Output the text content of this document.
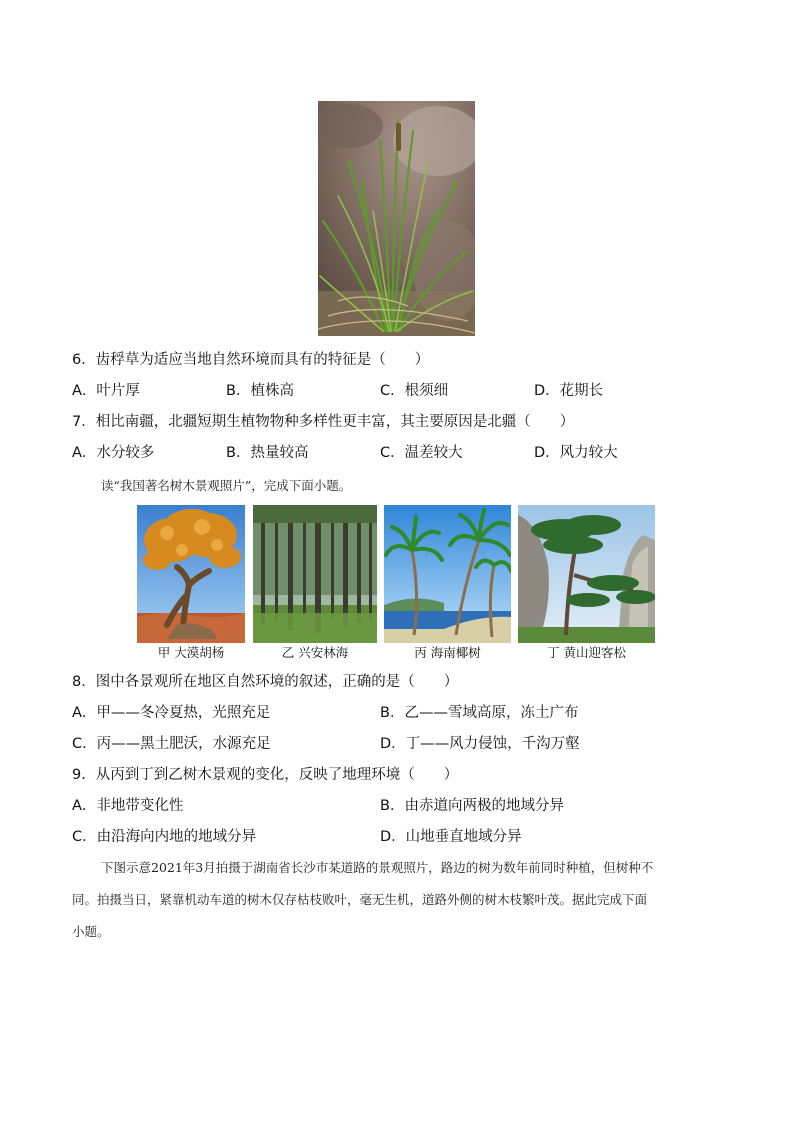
6．齿稃草为适应当地自然环境而具有的特征是（　　）
A．叶片厚	B．植株高	C．根须细	D．花期长
7．相比南疆，北疆短期生植物物种多样性更丰富，其主要原因是北疆（　　）
A．水分较多	B．热量较高	C．温差较大	D．风力较大
读“我国著名树木景观照片”，完成下面小题。
甲 大漠胡杨	乙 兴安林海	丙 海南椰树	丁 黄山迎客松
8．图中各景观所在地区自然环境的叙述，正确的是（　　）
A．甲——冬冷夏热，光照充足	B．乙——雪域高原，冻土广布
C．丙——黑土肥沃，水源充足	D．丁——风力侵蚀，千沟万壑
9．从丙到丁到乙树木景观的变化，反映了地理环境（　　）
A．非地带变化性	B．由赤道向两极的地域分异
C．由沿海向内地的地域分异	D．山地垂直地域分异
下图示意2021年3月拍摄于湖南省长沙市某道路的景观照片，路边的树为数年前同时种植，但树种不
同。拍摄当日，紧靠机动车道的树木仅存枯枝败叶，毫无生机，道路外侧的树木枝繁叶茂。据此完成下面
小题。
